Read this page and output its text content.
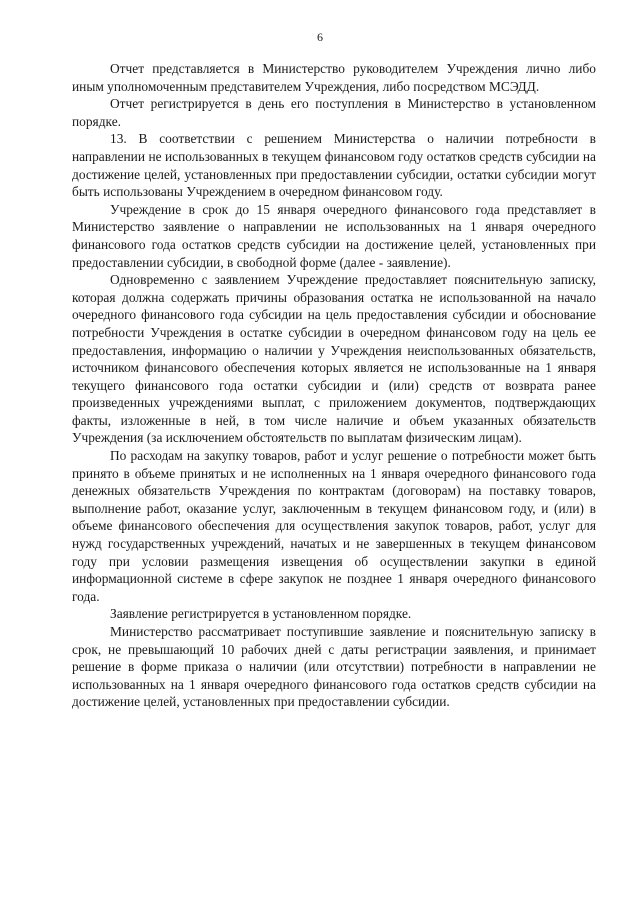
6

Отчет представляется в Министерство руководителем Учреждения лично либо иным уполномоченным представителем Учреждения, либо посредством МСЭДД.

Отчет регистрируется в день его поступления в Министерство в установленном порядке.

13. В соответствии с решением Министерства о наличии потребности в направлении не использованных в текущем финансовом году остатков средств субсидии на достижение целей, установленных при предоставлении субсидии, остатки субсидии могут быть использованы Учреждением в очередном финансовом году.

Учреждение в срок до 15 января очередного финансового года представляет в Министерство заявление о направлении не использованных на 1 января очередного финансового года остатков средств субсидии на достижение целей, установленных при предоставлении субсидии, в свободной форме (далее - заявление).

Одновременно с заявлением Учреждение предоставляет пояснительную записку, которая должна содержать причины образования остатка не использованной на начало очередного финансового года субсидии на цель предоставления субсидии и обоснование потребности Учреждения в остатке субсидии в очередном финансовом году на цель ее предоставления, информацию о наличии у Учреждения неиспользованных обязательств, источником финансового обеспечения которых является не использованные на 1 января текущего финансового года остатки субсидии и (или) средств от возврата ранее произведенных учреждениями выплат, с приложением документов, подтверждающих факты, изложенные в ней, в том числе наличие и объем указанных обязательств Учреждения (за исключением обстоятельств по выплатам физическим лицам).

По расходам на закупку товаров, работ и услуг решение о потребности может быть принято в объеме принятых и не исполненных на 1 января очередного финансового года денежных обязательств Учреждения по контрактам (договорам) на поставку товаров, выполнение работ, оказание услуг, заключенным в текущем финансовом году, и (или) в объеме финансового обеспечения для осуществления закупок товаров, работ, услуг для нужд государственных учреждений, начатых и не завершенных в текущем финансовом году при условии размещения извещения об осуществлении закупки в единой информационной системе в сфере закупок не позднее 1 января очередного финансового года.

Заявление регистрируется в установленном порядке.

Министерство рассматривает поступившие заявление и пояснительную записку в срок, не превышающий 10 рабочих дней с даты регистрации заявления, и принимает решение в форме приказа о наличии (или отсутствии) потребности в направлении не использованных на 1 января очередного финансового года остатков средств субсидии на достижение целей, установленных при предоставлении субсидии.
